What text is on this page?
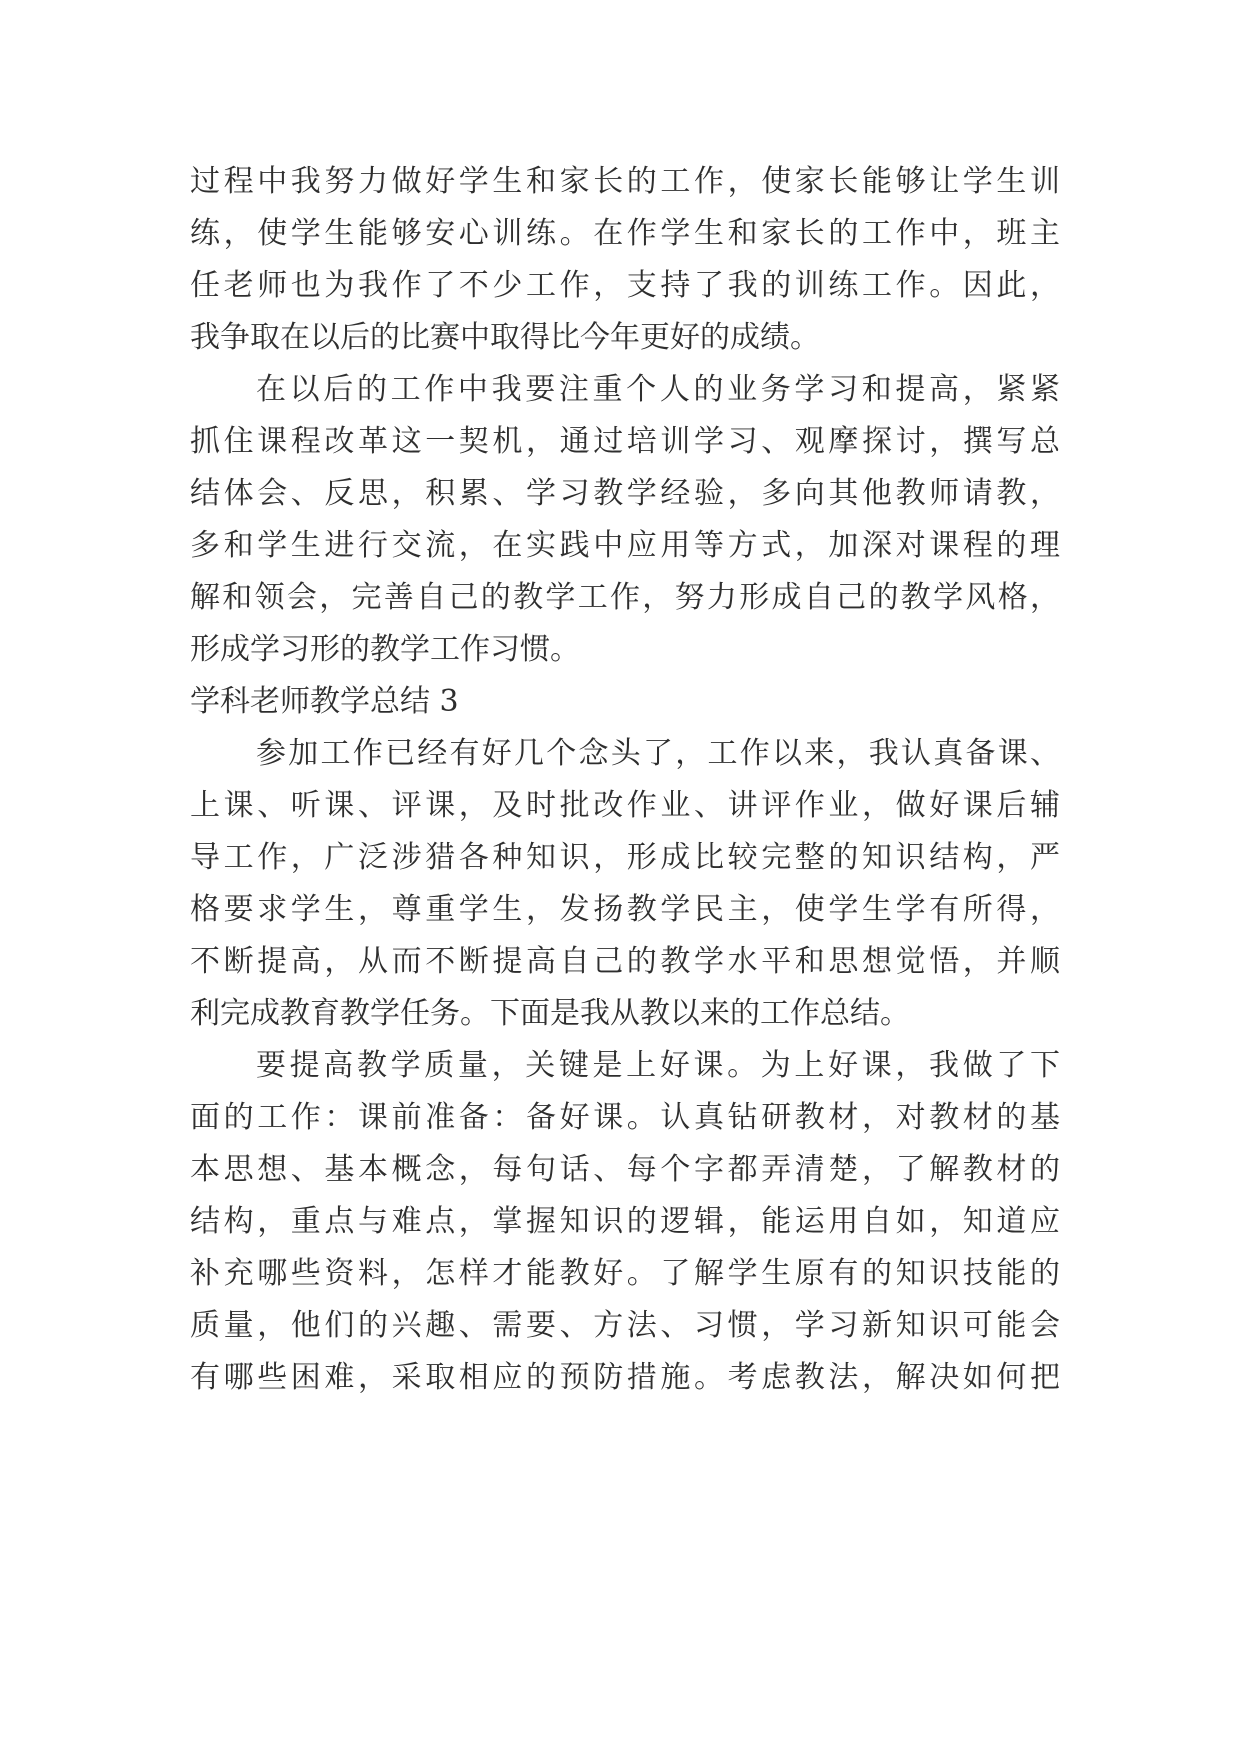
过程中我努力做好学生和家长的工作，使家长能够让学生训
练，使学生能够安心训练。在作学生和家长的工作中，班主
任老师也为我作了不少工作，支持了我的训练工作。因此，
我争取在以后的比赛中取得比今年更好的成绩。
在以后的工作中我要注重个人的业务学习和提高，紧紧
抓住课程改革这一契机，通过培训学习、观摩探讨，撰写总
结体会、反思，积累、学习教学经验，多向其他教师请教，
多和学生进行交流，在实践中应用等方式，加深对课程的理
解和领会，完善自己的教学工作，努力形成自己的教学风格，
形成学习形的教学工作习惯。
学科老师教学总结 3
参加工作已经有好几个念头了，工作以来，我认真备课、
上课、听课、评课，及时批改作业、讲评作业，做好课后辅
导工作，广泛涉猎各种知识，形成比较完整的知识结构，严
格要求学生，尊重学生，发扬教学民主，使学生学有所得，
不断提高，从而不断提高自己的教学水平和思想觉悟，并顺
利完成教育教学任务。下面是我从教以来的工作总结。
要提高教学质量，关键是上好课。为上好课，我做了下
面的工作：课前准备：备好课。认真钻研教材，对教材的基
本思想、基本概念，每句话、每个字都弄清楚，了解教材的
结构，重点与难点，掌握知识的逻辑，能运用自如，知道应
补充哪些资料，怎样才能教好。了解学生原有的知识技能的
质量，他们的兴趣、需要、方法、习惯，学习新知识可能会
有哪些困难，采取相应的预防措施。考虑教法，解决如何把
